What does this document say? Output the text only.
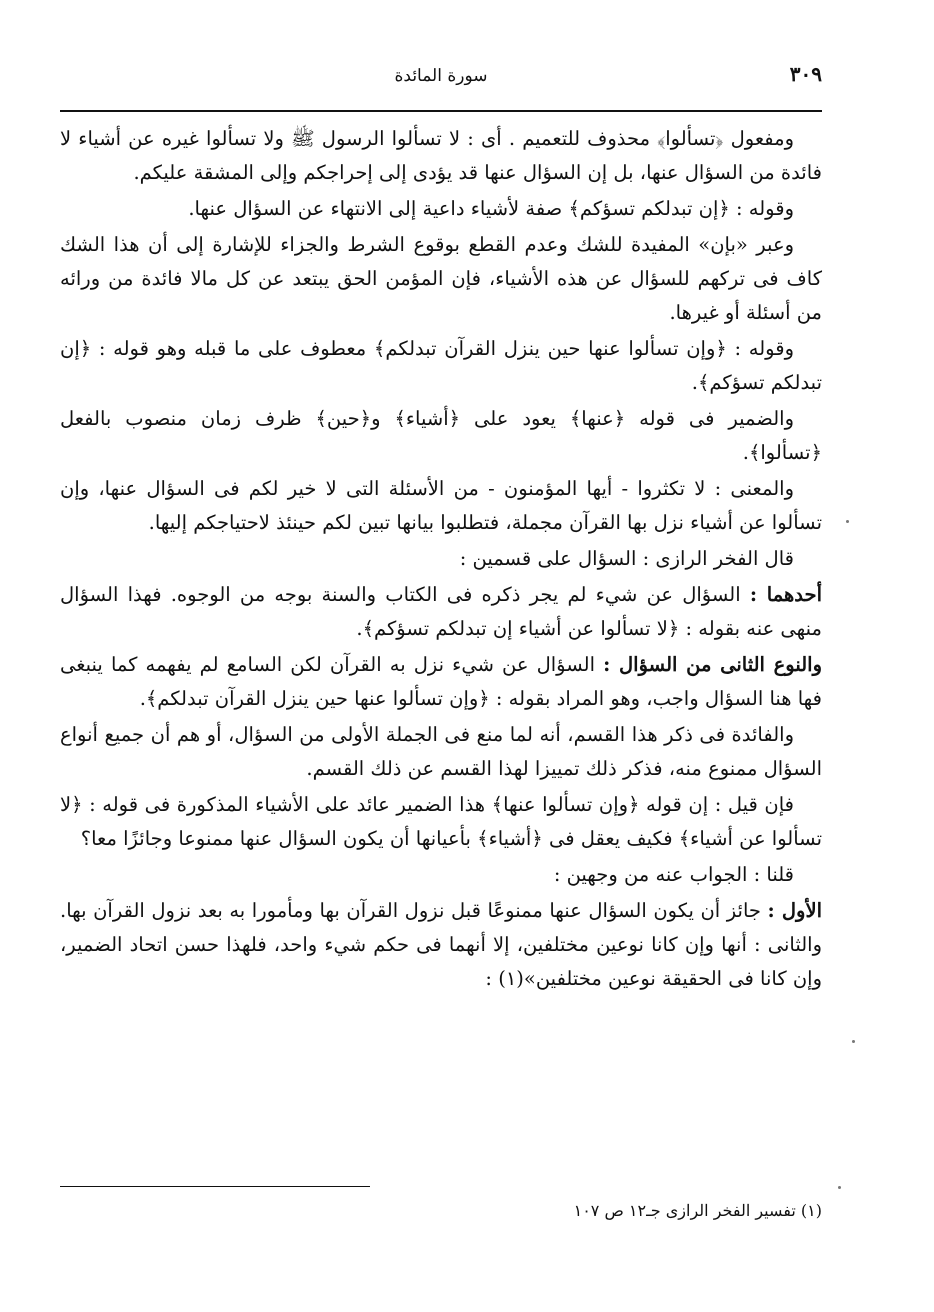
٣٠٩
سورة المائدة

ومفعول ﴿تسألوا﴾ محذوف للتعميم . أى : لا تسألوا الرسول ﷺ ولا تسألوا غيره عن أشياء لا فائدة من السؤال عنها، بل إن السؤال عنها قد يؤدى إلى إحراجكم وإلى المشقة عليكم.

وقوله : ﴿إن تبدلكم تسؤكم﴾ صفة لأشياء داعية إلى الانتهاء عن السؤال عنها.

وعبر «بإن» المفيدة للشك وعدم القطع بوقوع الشرط والجزاء للإشارة إلى أن هذا الشك كاف فى تركهم للسؤال عن هذه الأشياء، فإن المؤمن الحق يبتعد عن كل مالا فائدة من ورائه من أسئلة أو غيرها.

وقوله : ﴿وإن تسألوا عنها حين ينزل القرآن تبدلكم﴾ معطوف على ما قبله وهو قوله : ﴿إن تبدلكم تسؤكم﴾.

والضمير فى قوله ﴿عنها﴾ يعود على ﴿أشياء﴾ و﴿حين﴾ ظرف زمان منصوب بالفعل ﴿تسألوا﴾.

والمعنى : لا تكثروا - أيها المؤمنون - من الأسئلة التى لا خير لكم فى السؤال عنها، وإن تسألوا عن أشياء نزل بها القرآن مجملة، فتطلبوا بيانها تبين لكم حينئذ لاحتياجكم إليها.

قال الفخر الرازى : السؤال على قسمين :

أحدهما : السؤال عن شيء لم يجر ذكره فى الكتاب والسنة بوجه من الوجوه. فهذا السؤال منهى عنه بقوله : ﴿لا تسألوا عن أشياء إن تبدلكم تسؤكم﴾.

والنوع الثانى من السؤال : السؤال عن شيء نزل به القرآن لكن السامع لم يفهمه كما ينبغى فها هنا السؤال واجب، وهو المراد بقوله : ﴿وإن تسألوا عنها حين ينزل القرآن تبدلكم﴾.

والفائدة فى ذكر هذا القسم، أنه لما منع فى الجملة الأولى من السؤال، أو هم أن جميع أنواع السؤال ممنوع منه، فذكر ذلك تمييزا لهذا القسم عن ذلك القسم.

فإن قيل : إن قوله ﴿وإن تسألوا عنها﴾ هذا الضمير عائد على الأشياء المذكورة فى قوله : ﴿لا تسألوا عن أشياء﴾ فكيف يعقل فى ﴿أشياء﴾ بأعيانها أن يكون السؤال عنها ممنوعا وجائزًا معا؟

قلنا : الجواب عنه من وجهين :

الأول : جائز أن يكون السؤال عنها ممنوعًا قبل نزول القرآن بها ومأمورا به بعد نزول القرآن بها. والثانى : أنها وإن كانا نوعين مختلفين، إلا أنهما فى حكم شيء واحد، فلهذا حسن اتحاد الضمير، وإن كانا فى الحقيقة نوعين مختلفين»(١) :

(١) تفسير الفخر الرازى جـ١٢ ص ١٠٧
